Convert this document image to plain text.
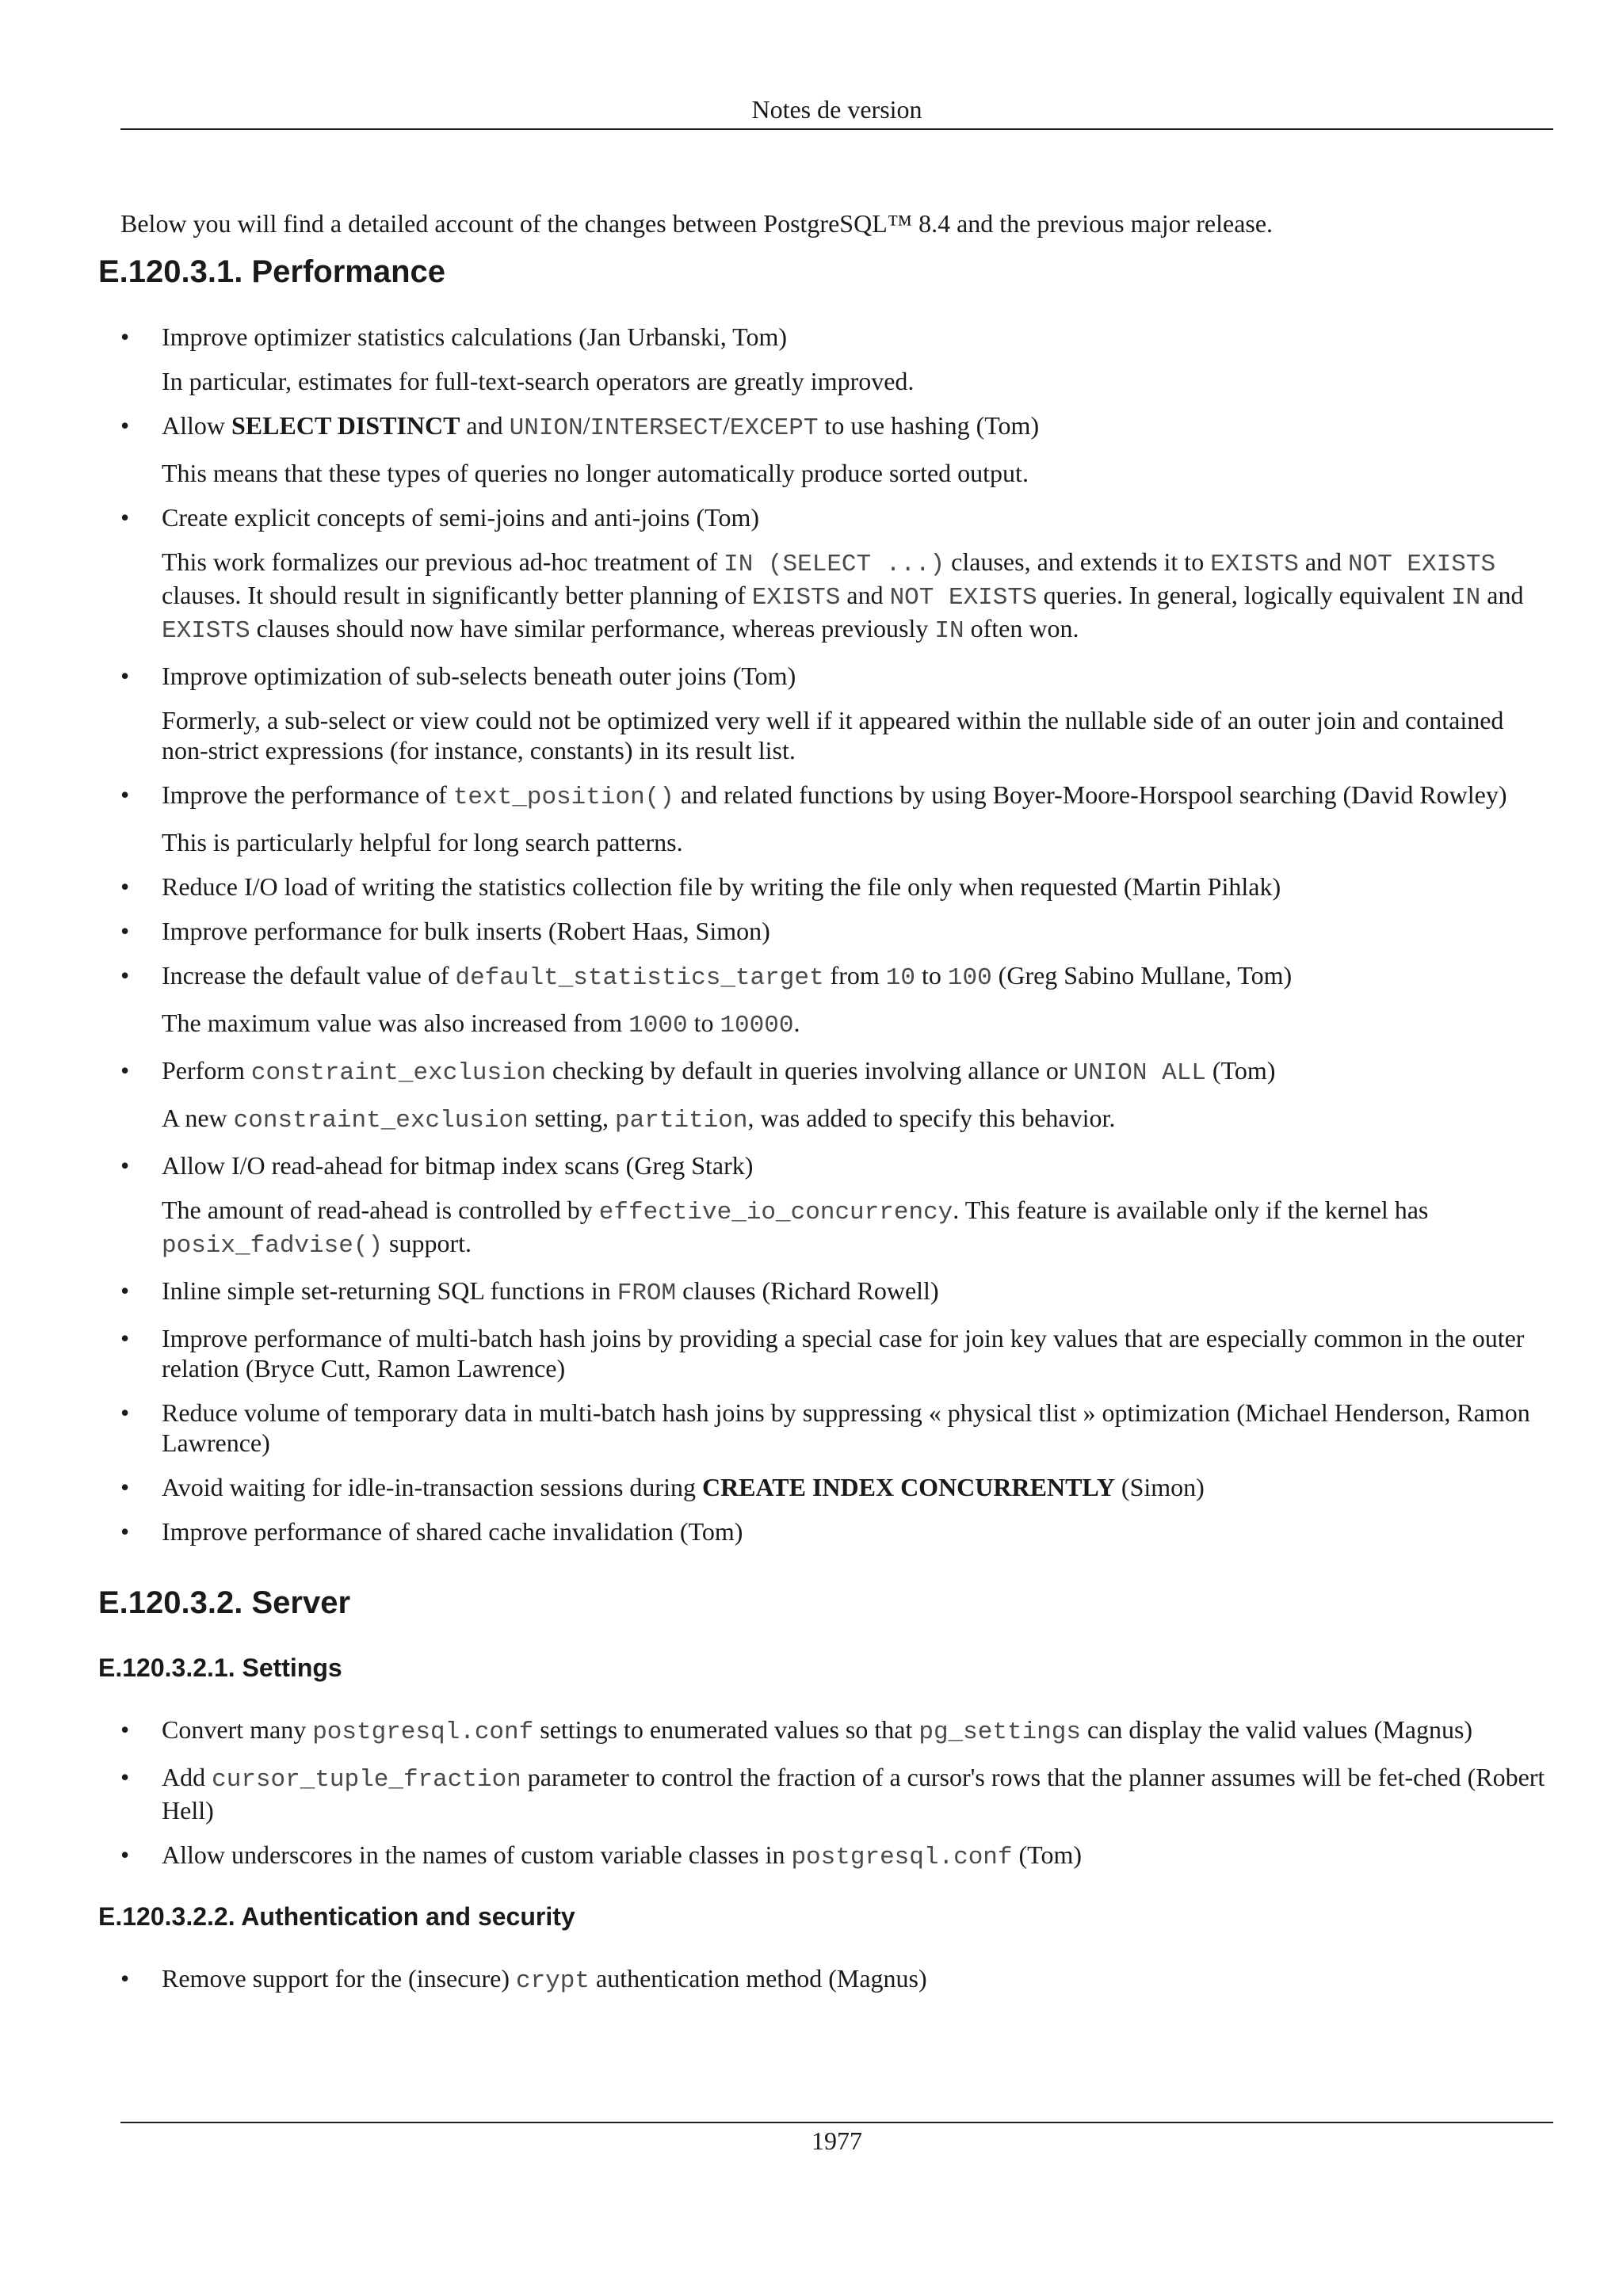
Notes de version

Below you will find a detailed account of the changes between PostgreSQL™ 8.4 and the previous major release.

E.120.3.1. Performance
• Improve optimizer statistics calculations (Jan Urbanski, Tom)

In particular, estimates for full-text-search operators are greatly improved.

• Allow SELECT DISTINCT and UNION/INTERSECT/EXCEPT to use hashing (Tom)

This means that these types of queries no longer automatically produce sorted output.

• Create explicit concepts of semi-joins and anti-joins (Tom)

This work formalizes our previous ad-hoc treatment of IN (SELECT ...) clauses, and extends it to EXISTS and NOT EXISTS clauses. It should result in significantly better planning of EXISTS and NOT EXISTS queries. In general, logically equivalent IN and EXISTS clauses should now have similar performance, whereas previously IN often won.

• Improve optimization of sub-selects beneath outer joins (Tom)

Formerly, a sub-select or view could not be optimized very well if it appeared within the nullable side of an outer join and contained non-strict expressions (for instance, constants) in its result list.

• Improve the performance of text_position() and related functions by using Boyer-Moore-Horspool searching (David Rowley)

This is particularly helpful for long search patterns.

• Reduce I/O load of writing the statistics collection file by writing the file only when requested (Martin Pihlak)

• Improve performance for bulk inserts (Robert Haas, Simon)

• Increase the default value of default_statistics_target from 10 to 100 (Greg Sabino Mullane, Tom)

The maximum value was also increased from 1000 to 10000.

• Perform constraint_exclusion checking by default in queries involving allance or UNION ALL (Tom)

A new constraint_exclusion setting, partition, was added to specify this behavior.

• Allow I/O read-ahead for bitmap index scans (Greg Stark)

The amount of read-ahead is controlled by effective_io_concurrency. This feature is available only if the kernel has posix_fadvise() support.

• Inline simple set-returning SQL functions in FROM clauses (Richard Rowell)

• Improve performance of multi-batch hash joins by providing a special case for join key values that are especially common in the outer relation (Bryce Cutt, Ramon Lawrence)

• Reduce volume of temporary data in multi-batch hash joins by suppressing « physical tlist » optimization (Michael Henderson, Ramon Lawrence)

• Avoid waiting for idle-in-transaction sessions during CREATE INDEX CONCURRENTLY (Simon)

• Improve performance of shared cache invalidation (Tom)

E.120.3.2. Server
E.120.3.2.1. Settings
• Convert many postgresql.conf settings to enumerated values so that pg_settings can display the valid values (Magnus)

• Add cursor_tuple_fraction parameter to control the fraction of a cursor's rows that the planner assumes will be fet-ched (Robert Hell)

• Allow underscores in the names of custom variable classes in postgresql.conf (Tom)

E.120.3.2.2. Authentication and security
• Remove support for the (insecure) crypt authentication method (Magnus)

1977
